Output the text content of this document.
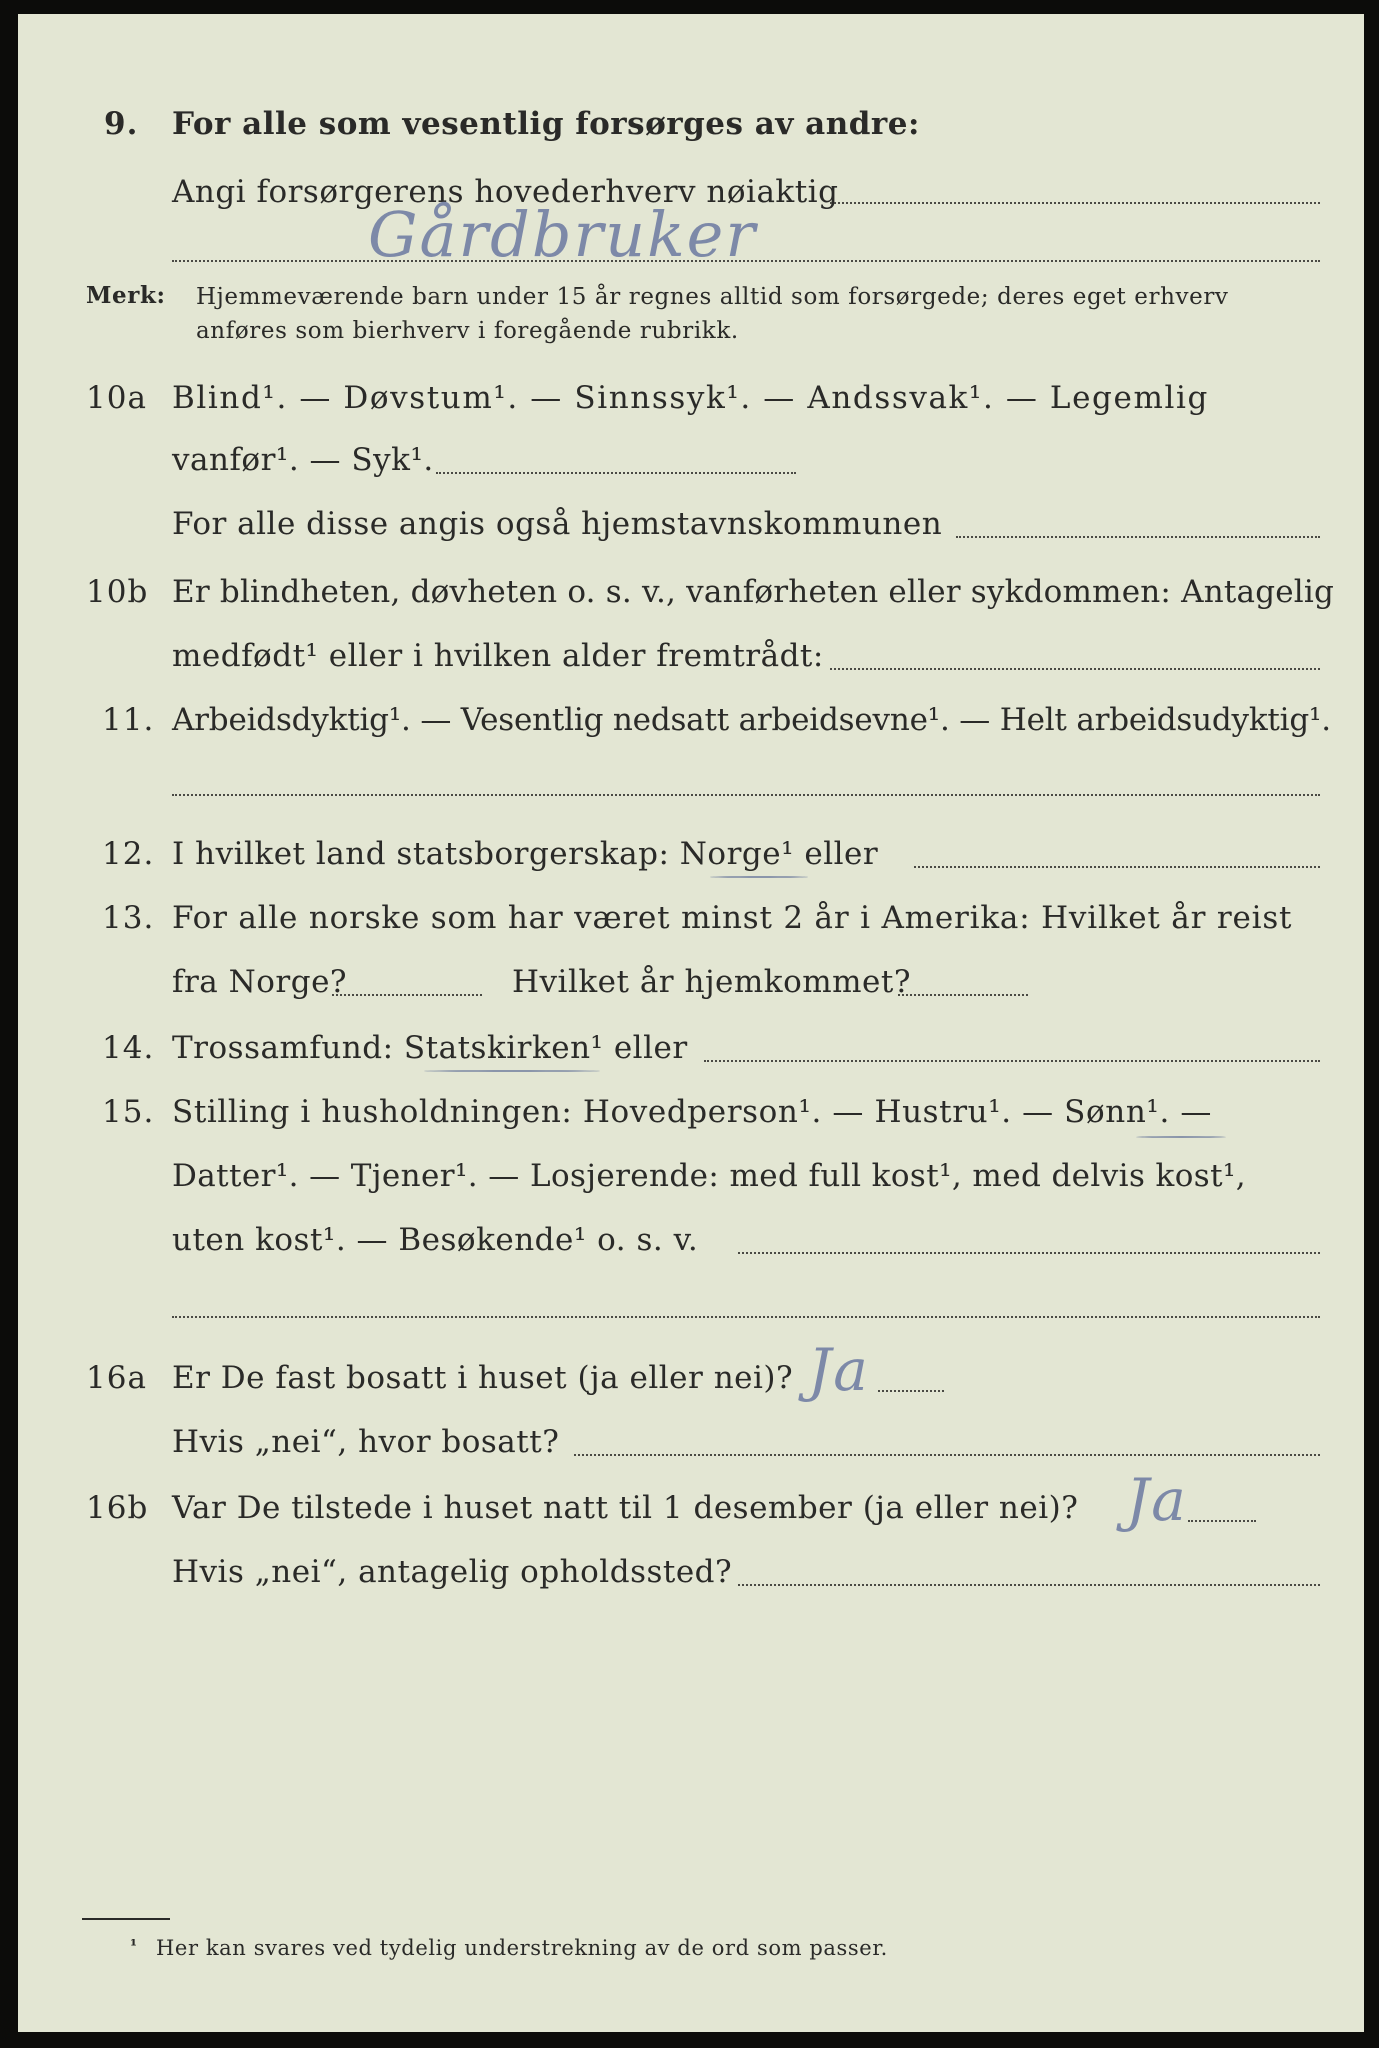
9. For alle som vesentlig forsørges av andre:
Angi forsørgerens hovederhverv nøiaktig
Gårdbruker
Merk: Hjemmeværende barn under 15 år regnes alltid som forsørgede; deres eget erhverv
anføres som bierhverv i foregående rubrikk.
10a Blind¹. — Døvstum¹. — Sinnssyk¹. — Andssvak¹. — Legemlig
vanfør¹. — Syk¹.
For alle disse angis også hjemstavnskommunen
10b Er blindheten, døvheten o. s. v., vanførheten eller sykdommen: Antagelig
medfødt¹ eller i hvilken alder fremtrådt:
11. Arbeidsdyktig¹. — Vesentlig nedsatt arbeidsevne¹. — Helt arbeidsudyktig¹.
12. I hvilket land statsborgerskap: Norge¹ eller
13. For alle norske som har været minst 2 år i Amerika: Hvilket år reist
fra Norge?	Hvilket år hjemkommet?
14. Trossamfund: Statskirken¹ eller
15. Stilling i husholdningen: Hovedperson¹. — Hustru¹. — Sønn¹. —
Datter¹. — Tjener¹. — Losjerende: med full kost¹, med delvis kost¹,
uten kost¹. — Besøkende¹ o. s. v.
16a Er De fast bosatt i huset (ja eller nei)? Ja
Hvis „nei“, hvor bosatt?
16b Var De tilstede i huset natt til 1 desember (ja eller nei)? Ja
Hvis „nei“, antagelig opholdssted?
¹ Her kan svares ved tydelig understrekning av de ord som passer.
